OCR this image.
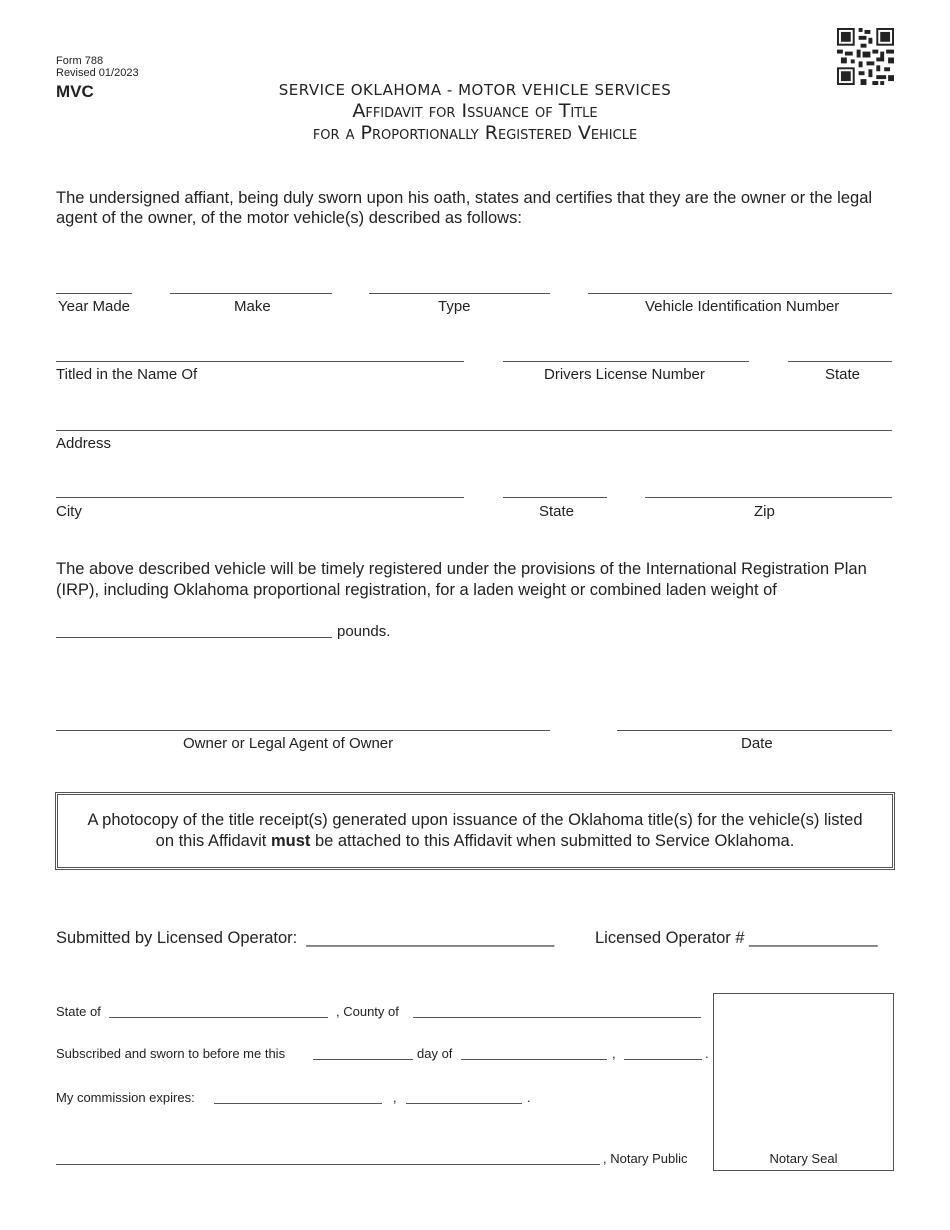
Form 788
Revised 01/2023
MVC	SERVICE OKLAHOMA - MOTOR VEHICLE SERVICES
Affidavit for Issuance of Title
for a Proportionally Registered Vehicle
The undersigned affiant, being duly sworn upon his oath, states and certifies that they are the owner or the legal agent of the owner, of the motor vehicle(s) described as follows:
Year Made	Make	Type	Vehicle Identification Number
Titled in the Name Of	Drivers License Number	State
Address
City	State	Zip
The above described vehicle will be timely registered under the provisions of the International Registration Plan (IRP), including Oklahoma proportional registration, for a laden weight or combined laden weight of
pounds.
Owner or Legal Agent of Owner	Date
A photocopy of the title receipt(s) generated upon issuance of the Oklahoma title(s) for the vehicle(s) listed
on this Affidavit must be attached to this Affidavit when submitted to Service Oklahoma.
Submitted by Licensed Operator:  ___________________________ Licensed Operator # ______________
State of	, County of
Subscribed and sworn to before me this	day of	,	.
My commission expires:	,	.
, Notary Public	Notary Seal
